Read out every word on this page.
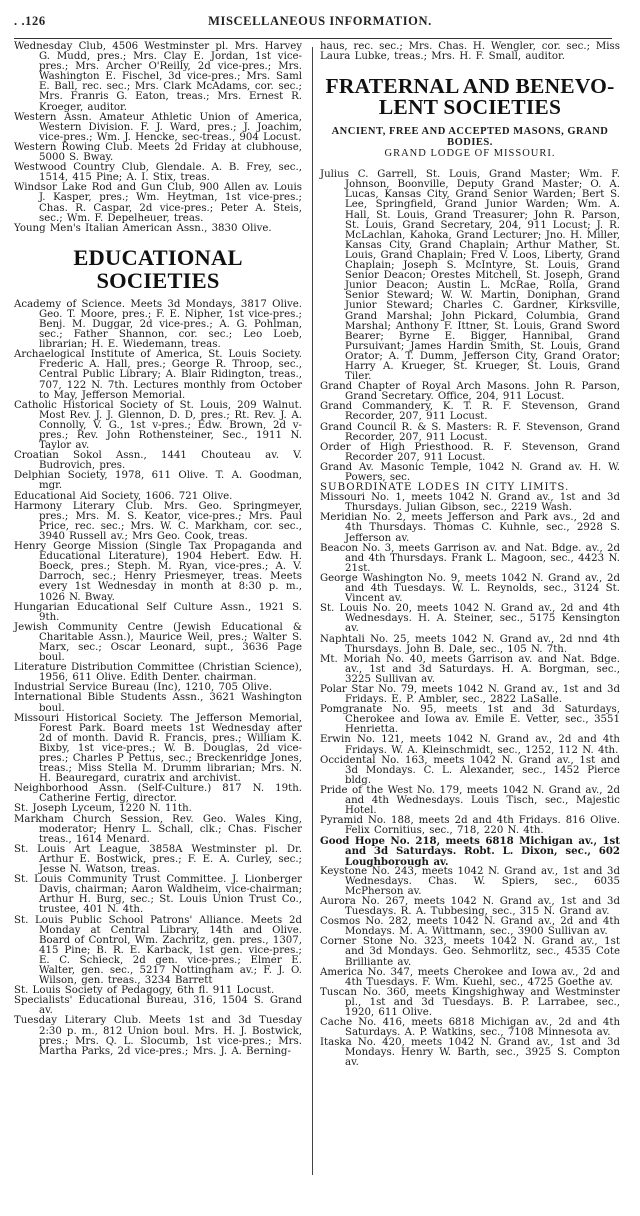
. .126	MISCELLANEOUS INFORMATION.

Wednesday Club, 4506 Westminster pl. Mrs. Harvey G. Mudd, pres.; Mrs. Clay E. Jordan, 1st vice-pres.; Mrs. Archer O'Reilly, 2d vice-pres.; Mrs. Washington E. Fischel, 3d vice-pres.; Mrs. Saml E. Ball, rec. sec.; Mrs. Clark McAdams, cor. sec.; Mrs. Franris G. Eaton, treas.; Mrs. Ernest R. Kroeger, auditor.

Western Assn. Amateur Athletic Union of America, Western Division. F. J. Ward, pres.; J. Joachim, vice-pres.; Wm. J. Hencke, sec-treas., 904 Locust.

Western Rowing Club. Meets 2d Friday at clubhouse, 5000 S. Bway.

Westwood Country Club, Glendale. A. B. Frey, sec., 1514, 415 Pine; A. I. Stix, treas.

Windsor Lake Rod and Gun Club, 900 Allen av. Louis J. Kasper, pres.; Wm. Heytman, 1st vice-pres.; Chas. R. Caspar, 2d vice-pres.; Peter A. Steis, sec.; Wm. F. Depelheuer, treas.

Young Men's Italian American Assn., 3830 Olive.

EDUCATIONAL SOCIETIES

Academy of Science. Meets 3d Mondays, 3817 Olive. Geo. T. Moore, pres.; F. E. Nipher, 1st vice-pres.; Benj. M. Duggar, 2d vice-pres.; A. G. Pohlman, sec.; Father Shannon, cor. sec.; Leo Loeb, librarian; H. E. Wiedemann, treas.

Archaelogical Institute of America, St. Louis Society. Frederic A. Hall, pres.; George R. Throop, sec., Central Public Library; A. Blair Ridington, treas., 707, 122 N. 7th. Lectures monthly from October to May, Jefferson Memorial.

Catholic Historical Society of St. Louis, 209 Walnut. Most Rev. J. J. Glennon, D. D, pres.; Rt. Rev. J. A. Connolly, V. G., 1st v-pres.; Edw. Brown, 2d v-pres.; Rev. John Rothensteiner, Sec., 1911 N. Taylor av.

Croatian Sokol Assn., 1441 Chouteau av. V. Budrovich, pres.

Delphian Society, 1978, 611 Olive. T. A. Goodman, mgr.

Educational Aid Society, 1606. 721 Olive.

Harmony Literary Club. Mrs. Geo. Springmeyer, pres.; Mrs. M. S. Keator, vice-pres.; Mrs. Paul Price, rec. sec.; Mrs. W. C. Markham, cor. sec., 3940 Russell av.; Mrs Geo. Cook, treas.

Henry George Mission (Single Tax Propaganda and Educational Literature), 1904 Hebert. Edw. H. Boeck, pres.; Steph. M. Ryan, vice-pres.; A. V. Darroch, sec.; Henry Priesmeyer, treas. Meets every 1st Wednesday in month at 8:30 p. m., 1026 N. Bway.

Hungarian Educational Self Culture Assn., 1921 S. 9th.

Jewish Community Centre (Jewish Educational & Charitable Assn.), Maurice Weil, pres.; Walter S. Marx, sec.; Oscar Leonard, supt., 3636 Page boul.

Literature Distribution Committee (Christian Science), 1956, 611 Olive. Edith Denter. chairman.

Industrial Service Bureau (Inc), 1210, 705 Olive.

International Bible Students Assn., 3621 Washington boul.

Missouri Historical Society. The Jefferson Memorial, Forest Park. Board meets 1st Wednesday after 2d of month. David R. Francis, pres.; William K. Bixby, 1st vice-pres.; W. B. Douglas, 2d vice-pres.; Charles P Pettus, sec.; Breckenridge Jones, treas.; Miss Stella M. Drumm librarian; Mrs. N. H. Beauregard, curatrix and archivist.

Neighborhood Assn. (Self-Culture.) 817 N. 19th. Catherine Fertig, director.

St. Joseph Lyceum, 1220 N. 11th.

Markham Church Session, Rev. Geo. Wales King, moderator; Henry L. Schall, clk.; Chas. Fischer treas., 1614 Menard.

St. Louis Art League, 3858A Westminster pl. Dr. Arthur E. Bostwick, pres.; F. E. A. Curley, sec.; Jesse N. Watson, treas.

St. Louis Community Trust Committee. J. Lionberger Davis, chairman; Aaron Waldheim, vice-chairman; Arthur H. Burg, sec.; St. Louis Union Trust Co., trustee, 401 N. 4th.

St. Louis Public School Patrons' Alliance. Meets 2d Monday at Central Library, 14th and Olive. Board of Control, Wm. Zachritz, gen. pres., 1307, 415 Pine; B. R. E. Karback, 1st gen. vice-pres.; E. C. Schieck, 2d gen. vice-pres.; Elmer E. Walter, gen. sec., 5217 Nottingham av.; F. J. O. Wilson, gen. treas., 3234 Barrett

St. Louis Society of Pedagogy, 6th fl. 911 Locust.

Specialists' Educational Bureau, 316, 1504 S. Grand av.

Tuesday Literary Club. Meets 1st and 3d Tuesday 2:30 p. m., 812 Union boul. Mrs. H. J. Bostwick, pres.; Mrs. Q. L. Slocumb, 1st vice-pres.; Mrs. Martha Parks, 2d vice-pres.; Mrs. J. A. Berning-

haus, rec. sec.; Mrs. Chas. H. Wengler, cor. sec.; Miss Laura Lubke, treas.; Mrs. H. F. Small, auditor.

FRATERNAL AND BENEVO-LENT SOCIETIES
ANCIENT, FREE AND ACCEPTED MASONS, GRAND BODIES.
GRAND LODGE OF MISSOURI.

Julius C. Garrell, St. Louis, Grand Master; Wm. F. Johnson, Boonville, Deputy Grand Master; O. A. Lucas, Kansas City, Grand Senior Warden; Bert S. Lee, Springfield, Grand Junior Warden; Wm. A. Hall, St. Louis, Grand Treasurer; John R. Parson, St. Louis, Grand Secretary, 204, 911 Locust; J. R. McLachlan, Kahoka, Grand Lecturer; Jno. H. Miller, Kansas City, Grand Chaplain; Arthur Mather, St. Louis, Grand Chaplain; Fred V. Loos, Liberty, Grand Chaplain; Joseph S. McIntyre, St. Louis, Grand Senior Deacon; Orestes Mitchell, St. Joseph, Grand Junior Deacon; Austin L. McRae, Rolla, Grand Senior Steward; W. W. Martin, Doniphan, Grand Junior Steward; Charles C. Gardner, Kirksville, Grand Marshal; John Pickard, Columbia, Grand Marshal; Anthony F. Ittner, St. Louis, Grand Sword Bearer; Byrne E. Bigger, Hannibal, Grand Pursuivant; James Hardin Smith, St. Louis, Grand Orator; A. T. Dumm, Jefferson City, Grand Orator; Harry A. Krueger, St. Krueger, St. Louis, Grand Tiler.

Grand Chapter of Royal Arch Masons. John R. Parson, Grand Secretary. Office, 204, 911 Locust.

Grand Commandery, K. T. R. F. Stevenson, Grand Recorder, 207, 911 Locust.

Grand Council R. & S. Masters: R. F. Stevenson, Grand Recorder, 207, 911 Locust.

Order of High Priesthood. R. F. Stevenson, Grand Recorder 207, 911 Locust.

Grand Av. Masonic Temple, 1042 N. Grand av. H. W. Powers, sec.

SUBORDINATE LODES IN CITY LIMITS.

Missouri No. 1, meets 1042 N. Grand av., 1st and 3d Thursdays. Julian Gibson, sec., 2219 Wash.

Meridian No. 2, meets Jefferson and Park avs., 2d and 4th Thursdays. Thomas C. Kuhnle, sec., 2928 S. Jefferson av.

Beacon No. 3, meets Garrison av. and Nat. Bdge. av., 2d and 4th Thursdays. Frank L. Magoon, sec., 4423 N. 21st.

George Washington No. 9, meets 1042 N. Grand av., 2d and 4th Tuesdays. W. L. Reynolds, sec., 3124 St. Vincent av.

St. Louis No. 20, meets 1042 N. Grand av., 2d and 4th Wednesdays. H. A. Steiner, sec., 5175 Kensington av.

Naphtali No. 25, meets 1042 N. Grand av., 2d nnd 4th Thursdays. John B. Dale, sec., 105 N. 7th.

Mt. Moriah No. 40, meets Garrison av. and Nat. Bdge. av., 1st and 3d Saturdays. H. A. Borgman, sec., 3225 Sullivan av.

Polar Star No. 79, meets 1042 N. Grand av., 1st and 3d Fridays. E. P. Ambler, sec., 2822 LaSalle.

Pomgranate No. 95, meets 1st and 3d Saturdays, Cherokee and Iowa av. Emile E. Vetter, sec., 3551 Henrietta.

Erwin No. 121, meets 1042 N. Grand av., 2d and 4th Fridays. W. A. Kleinschmidt, sec., 1252, 112 N. 4th.

Occidental No. 163, meets 1042 N. Grand av., 1st and 3d Mondays. C. L. Alexander, sec., 1452 Pierce bldg.

Pride of the West No. 179, meets 1042 N. Grand av., 2d and 4th Wednesdays. Louis Tisch, sec., Majestic Hotel.

Pyramid No. 188, meets 2d and 4th Fridays. 816 Olive. Felix Cornitius, sec., 718, 220 N. 4th.

Good Hope No. 218, meets 6818 Michigan av., 1st and 3d Saturdays. Robt. L. Dixon, sec., 602 Loughborough av.

Keystone No. 243, meets 1042 N. Grand av., 1st and 3d Wednesdays. Chas. W. Spiers, sec., 6035 McPherson av.

Aurora No. 267, meets 1042 N. Grand av., 1st and 3d Tuesdays. R. A. Tubbesing, sec., 315 N. Grand av.

Cosmos No. 282, meets 1042 N. Grand av., 2d and 4th Mondays. M. A. Wittmann, sec., 3900 Sullivan av.

Corner Stone No. 323, meets 1042 N. Grand av., 1st and 3d Mondays. Geo. Sehmorlitz, sec., 4535 Cote Brilliante av.

America No. 347, meets Cherokee and Iowa av., 2d and 4th Tuesdays. F. Wm. Kuehl, sec., 4725 Goethe av.

Tuscan No. 360, meets Kingshighway and Westminster pl., 1st and 3d Tuesdays. B. P. Larrabee, sec., 1920, 611 Olive.

Cache No. 416, meets 6818 Michigan av., 2d and 4th Saturdays. A. P. Watkins, sec., 7108 Minnesota av.

Itaska No. 420, meets 1042 N. Grand av., 1st and 3d Mondays. Henry W. Barth, sec., 3925 S. Compton av.
